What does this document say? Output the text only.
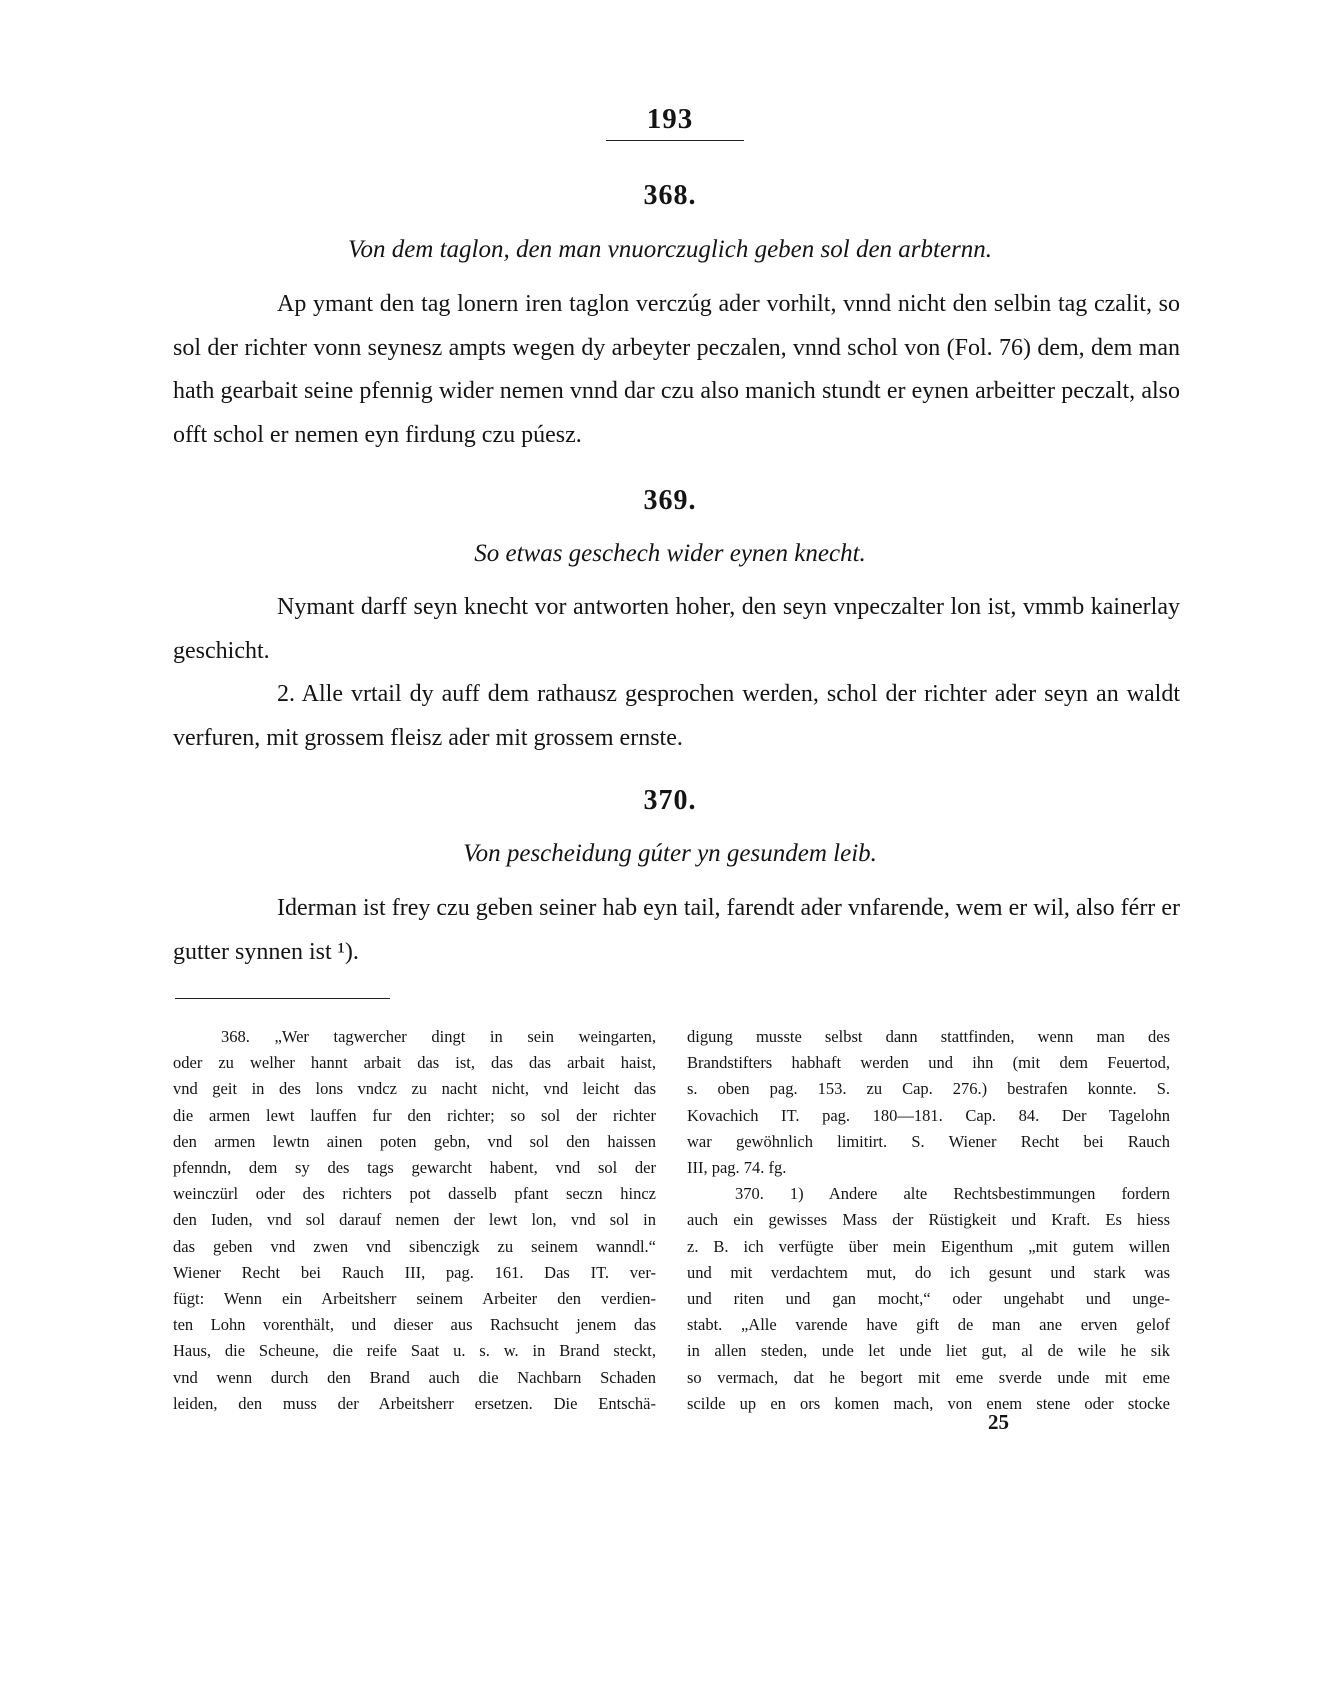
193
368.
Von dem taglon, den man vnuorczuglich geben sol den arbternn.

Ap ymant den tag lonern iren taglon verczúg ader vorhilt, vnnd nicht den selbin tag czalit, so sol der richter vonn seynesz ampts wegen dy arbeyter peczalen, vnnd schol von (Fol. 76) dem, dem man hath gearbait seine pfennig wider nemen vnnd dar czu also manich stundt er eynen arbeitter peczalt, also offt schol er nemen eyn firdung czu púesz.

369.
So etwas geschech wider eynen knecht.

Nymant darff seyn knecht vor antworten hoher, den seyn vnpeczalter lon ist, vmmb kainerlay geschicht.

2. Alle vrtail dy auff dem rathausz gesprochen werden, schol der richter ader seyn an waldt verfuren, mit grossem fleisz ader mit grossem ernste.

370.
Von pescheidung gúter yn gesundem leib.

Iderman ist frey czu geben seiner hab eyn tail, farendt ader vnfarende, wem er wil, also férr er gutter synnen ist ¹).

368. „Wer tagwercher dingt in sein weingarten,
oder zu welher hannt arbait das ist, das das arbait haist,
vnd geit in des lons vndcz zu nacht nicht, vnd leicht das
die armen lewt lauffen fur den richter; so sol der richter
den armen lewtn ainen poten gebn, vnd sol den haissen
pfenndn, dem sy des tags gewarcht habent, vnd sol der
weinczürl oder des richters pot dasselb pfant seczn hincz
den Iuden, vnd sol darauf nemen der lewt lon, vnd sol in
das geben vnd zwen vnd sibenczigk zu seinem wanndl.“
Wiener Recht bei Rauch III, pag. 161. Das IT. ver-
fügt: Wenn ein Arbeitsherr seinem Arbeiter den verdien-
ten Lohn vorenthält, und dieser aus Rachsucht jenem das
Haus, die Scheune, die reife Saat u. s. w. in Brand steckt,
vnd wenn durch den Brand auch die Nachbarn Schaden
leiden, den muss der Arbeitsherr ersetzen. Die Entschä-
digung musste selbst dann stattfinden, wenn man des
Brandstifters habhaft werden und ihn (mit dem Feuertod,
s. oben pag. 153. zu Cap. 276.) bestrafen konnte. S.
Kovachich IT. pag. 180—181. Cap. 84. Der Tagelohn
war gewöhnlich limitirt. S. Wiener Recht bei Rauch
III, pag. 74. fg.
370. 1) Andere alte Rechtsbestimmungen fordern
auch ein gewisses Mass der Rüstigkeit und Kraft. Es hiess
z. B. ich verfügte über mein Eigenthum „mit gutem willen
und mit verdachtem mut, do ich gesunt und stark was
und riten und gan mocht,“ oder ungehabt und unge-
stabt. „Alle varende have gift de man ane erven gelof
in allen steden, unde let unde liet gut, al de wile he sik
so vermach, dat he begort mit eme sverde unde mit eme
scilde up en ors komen mach, von enem stene oder stocke
25
